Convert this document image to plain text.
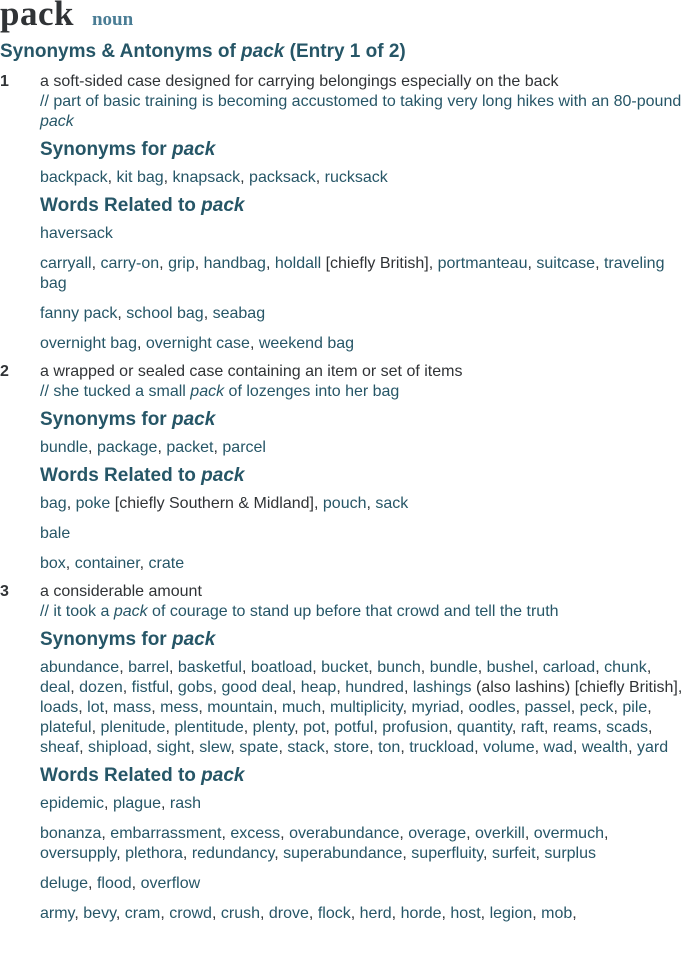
pack noun
Synonyms & Antonyms of pack (Entry 1 of 2)
1 a soft-sided case designed for carrying belongings especially on the back
// part of basic training is becoming accustomed to taking very long hikes with an 80-pound pack
Synonyms for pack
backpack, kit bag, knapsack, packsack, rucksack
Words Related to pack
haversack
carryall, carry-on, grip, handbag, holdall [chiefly British], portmanteau, suitcase, traveling bag
fanny pack, school bag, seabag
overnight bag, overnight case, weekend bag
2 a wrapped or sealed case containing an item or set of items
// she tucked a small pack of lozenges into her bag
Synonyms for pack
bundle, package, packet, parcel
Words Related to pack
bag, poke [chiefly Southern & Midland], pouch, sack
bale
box, container, crate
3 a considerable amount
// it took a pack of courage to stand up before that crowd and tell the truth
Synonyms for pack
abundance, barrel, basketful, boatload, bucket, bunch, bundle, bushel, carload, chunk, deal, dozen, fistful, gobs, good deal, heap, hundred, lashings (also lashins) [chiefly British], loads, lot, mass, mess, mountain, much, multiplicity, myriad, oodles, passel, peck, pile, plateful, plenitude, plentitude, plenty, pot, potful, profusion, quantity, raft, reams, scads, sheaf, shipload, sight, slew, spate, stack, store, ton, truckload, volume, wad, wealth, yard
Words Related to pack
epidemic, plague, rash
bonanza, embarrassment, excess, overabundance, overage, overkill, overmuch, oversupply, plethora, redundancy, superabundance, superfluity, surfeit, surplus
deluge, flood, overflow
army, bevy, cram, crowd, crush, drove, flock, herd, horde, host, legion, mob,
